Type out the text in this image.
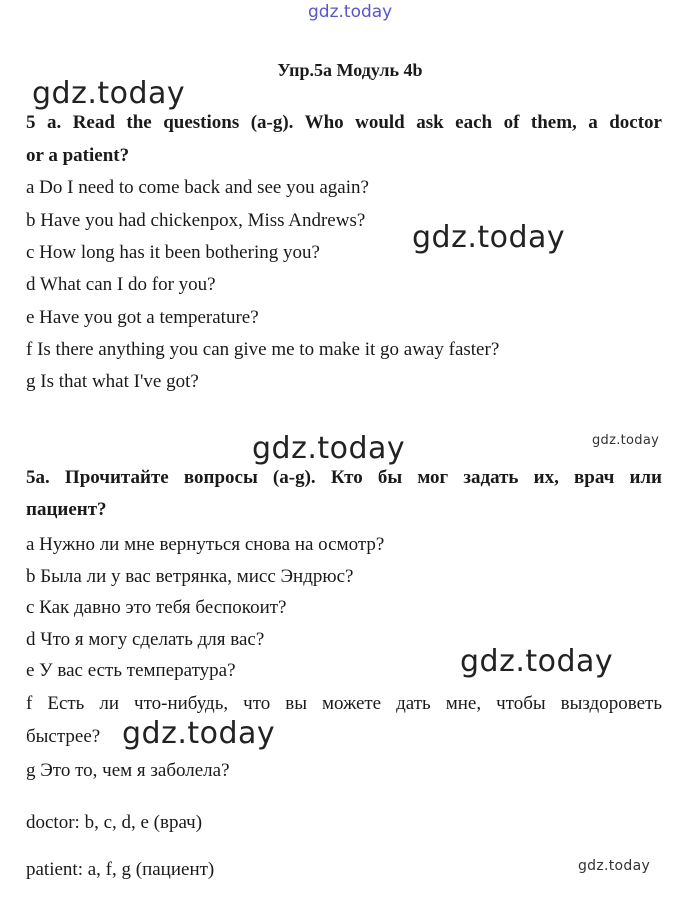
gdz.today
Упр.5a Модуль 4b
gdz.today
5 a. Read the questions (a-g). Who would ask each of them, a doctor
or a patient?
a Do I need to come back and see you again?
b Have you had chickenpox, Miss Andrews?
c How long has it been bothering you?
d What can I do for you?
e Have you got a temperature?
f Is there anything you can give me to make it go away faster?
g Is that what I've got?
gdz.today
gdz.today	gdz.today
5a. Прочитайте вопросы (a-g). Кто бы мог задать их, врач или
пациент?
a Нужно ли мне вернуться снова на осмотр?
b Была ли у вас ветрянка, мисс Эндрюс?
c Как давно это тебя беспокоит?
d Что я могу сделать для вас?
e У вас есть температура?
f Есть ли что-нибудь, что вы можете дать мне, чтобы выздороветь
быстрее?
g Это то, чем я заболела?
gdz.today
gdz.today
doctor: b, c, d, e (врач)
patient: a, f, g (пациент)	gdz.today
